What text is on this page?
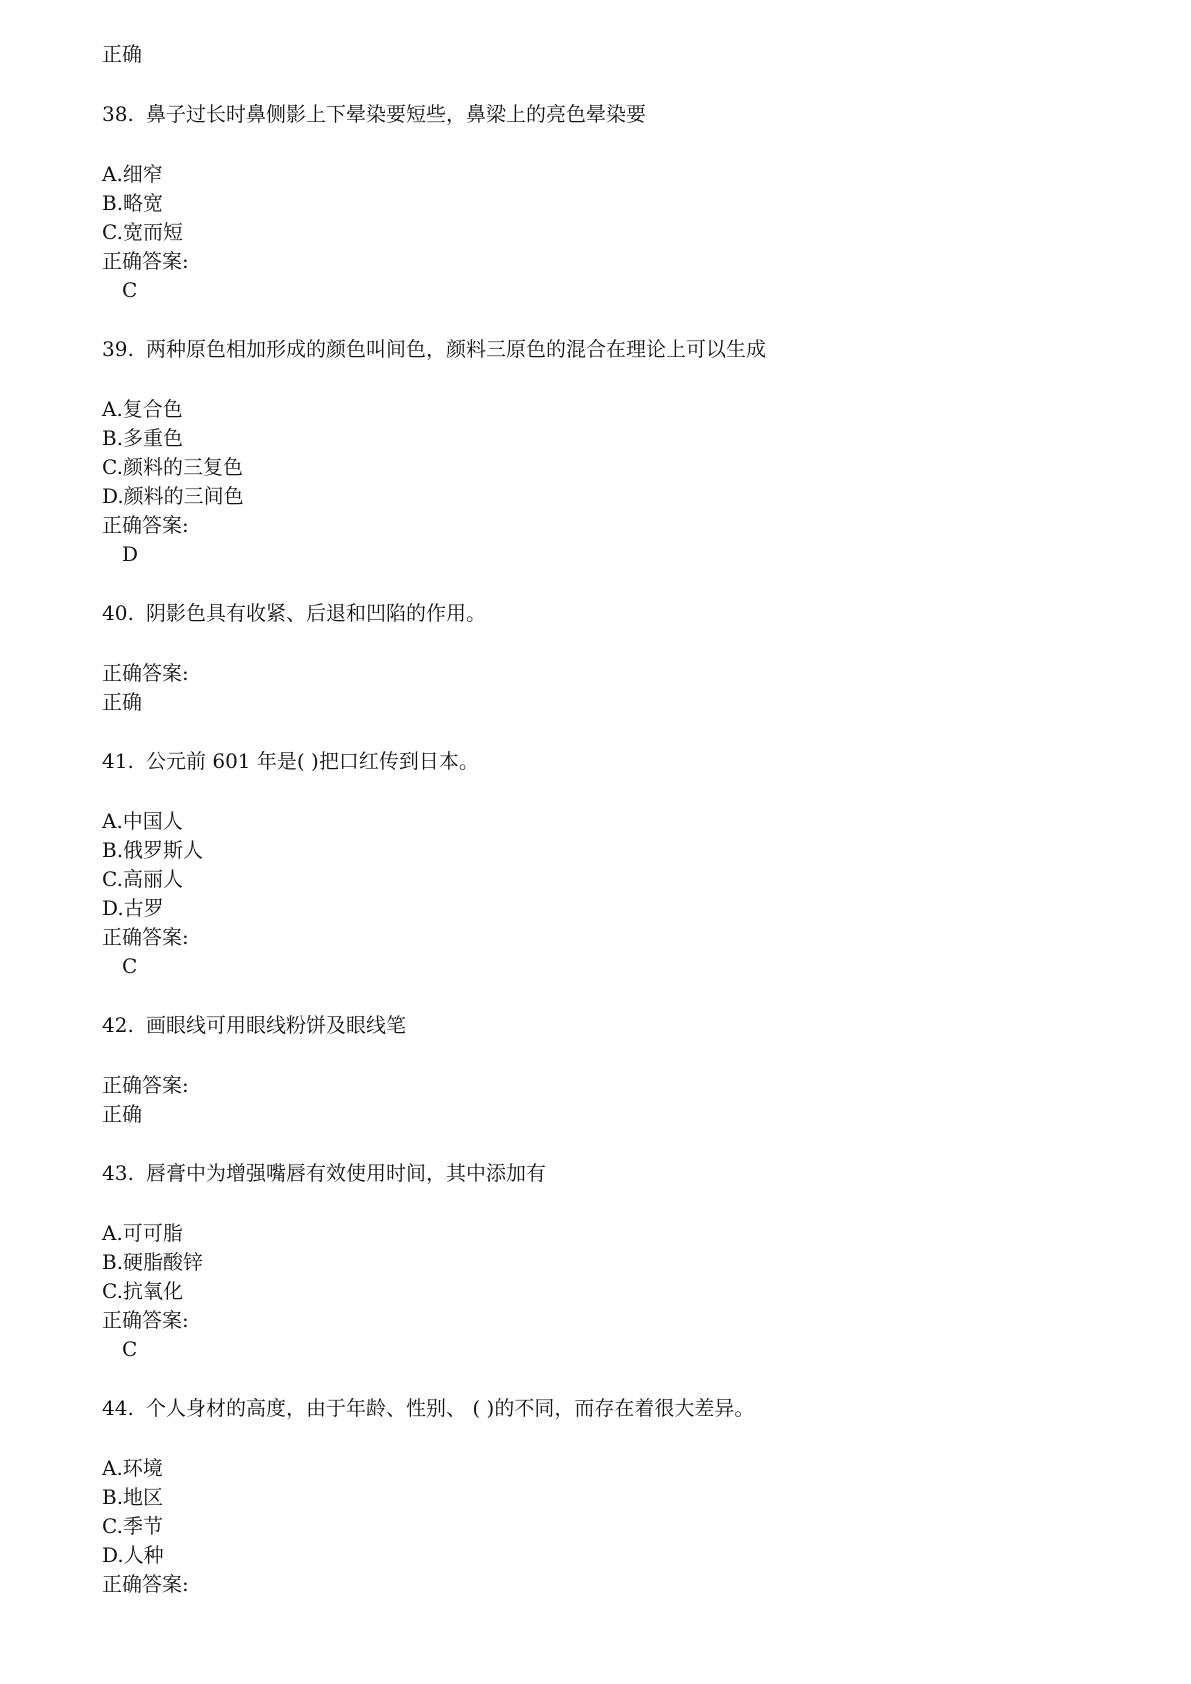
正确

38. 鼻子过长时鼻侧影上下晕染要短些，鼻梁上的亮色晕染要

A.细窄

B.略宽

C.宽而短

正确答案:

C

39. 两种原色相加形成的颜色叫间色，颜料三原色的混合在理论上可以生成

A.复合色

B.多重色

C.颜料的三复色

D.颜料的三间色

正确答案:

D

40. 阴影色具有收紧、后退和凹陷的作用。

正确答案:

正确

41. 公元前 601 年是( )把口红传到日本。

A.中国人

B.俄罗斯人

C.高丽人

D.古罗

正确答案:

C

42. 画眼线可用眼线粉饼及眼线笔

正确答案:

正确

43. 唇膏中为增强嘴唇有效使用时间，其中添加有

A.可可脂

B.硬脂酸锌

C.抗氧化

正确答案:

C

44. 个人身材的高度，由于年龄、性别、 ( )的不同，而存在着很大差异。

A.环境

B.地区

C.季节

D.人种

正确答案:
